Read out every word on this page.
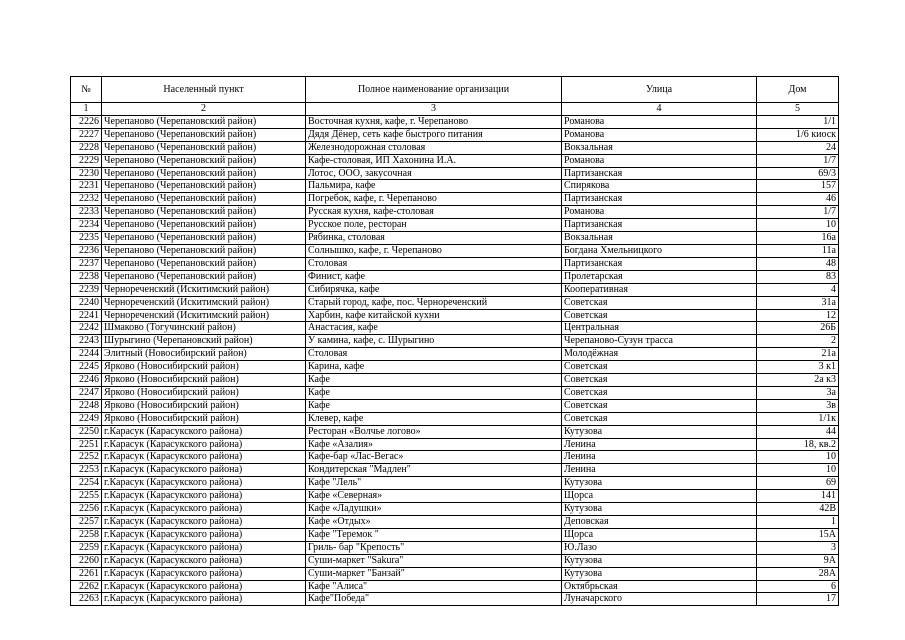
№	Населенный пункт	Полное наименование организации	Улица	Дом
1	2	3	4	5
2226	Черепаново (Черепановский район)	Восточная кухня, кафе, г. Черепаново	Романова	1/1
2227	Черепаново (Черепановский район)	Дядя Дёнер, сеть кафе быстрого питания	Романова	1/6 киоск
2228	Черепаново (Черепановский район)	Железнодорожная столовая	Вокзальная	24
2229	Черепаново (Черепановский район)	Кафе-столовая, ИП Хахонина И.А.	Романова	1/7
2230	Черепаново (Черепановский район)	Лотос, ООО, закусочная	Партизанская	69/3
2231	Черепаново (Черепановский район)	Пальмира, кафе	Спирякова	157
2232	Черепаново (Черепановский район)	Погребок, кафе, г. Черепаново	Партизанская	46
2233	Черепаново (Черепановский район)	Русская кухня, кафе-столовая	Романова	1/7
2234	Черепаново (Черепановский район)	Русское поле, ресторан	Партизанская	10
2235	Черепаново (Черепановский район)	Рябинка, столовая	Вокзальная	16а
2236	Черепаново (Черепановский район)	Солнышко, кафе, г. Черепаново	Богдана Хмельницкого	11а
2237	Черепаново (Черепановский район)	Столовая	Партизанская	48
2238	Черепаново (Черепановский район)	Финист, кафе	Пролетарская	83
2239	Чернореченский (Искитимский район)	Сибирячка, кафе	Кооперативная	4
2240	Чернореченский (Искитимский район)	Старый город, кафе, пос. Чернореченский	Советская	31а
2241	Чернореченский (Искитимский район)	Харбин, кафе китайской кухни	Советская	12
2242	Шмаково (Тогучинский район)	Анастасия, кафе	Центральная	26Б
2243	Шурыгино (Черепановский район)	У камина, кафе, с. Шурыгино	Черепаново-Сузун трасса	2
2244	Элитный (Новосибирский район)	Столовая	Молодёжная	21а
2245	Ярково (Новосибирский район)	Карина, кафе	Советская	3 к1
2246	Ярково (Новосибирский район)	Кафе	Советская	2а к3
2247	Ярково (Новосибирский район)	Кафе	Советская	3а
2248	Ярково (Новосибирский район)	Кафе	Советская	3в
2249	Ярково (Новосибирский район)	Клевер, кафе	Советская	1/1к
2250	г.Карасук (Карасукского района)	Ресторан «Волчье логово»	Кутузова	44
2251	г.Карасук (Карасукского района)	Кафе «Азалия»	Ленина	18, кв.2
2252	г.Карасук (Карасукского района)	Кафе-бар «Лас-Вегас»	Ленина	10
2253	г.Карасук (Карасукского района)	Кондитерская "Мадлен"	Ленина	10
2254	г.Карасук (Карасукского района)	Кафе "Лель"	Кутузова	69
2255	г.Карасук (Карасукского района)	Кафе «Северная»	Щорса	141
2256	г.Карасук (Карасукского района)	Кафе «Ладушки»	Кутузова	42В
2257	г.Карасук (Карасукского района)	Кафе «Отдых»	Деповская	1
2258	г.Карасук (Карасукского района)	Кафе "Теремок "	Щорса	15А
2259	г.Карасук (Карасукского района)	Гриль- бар "Крепость"	Ю.Лазо	3
2260	г.Карасук (Карасукского района)	Суши-маркет "Sakura"	Кутузова	9А
2261	г.Карасук (Карасукского района)	Суши-маркет "Банзай"	Кутузова	28А
2262	г.Карасук (Карасукского района)	Кафе "Алиса"	Октябрьская	6
2263	г.Карасук (Карасукского района)	Кафе"Победа"	Луначарского	17
